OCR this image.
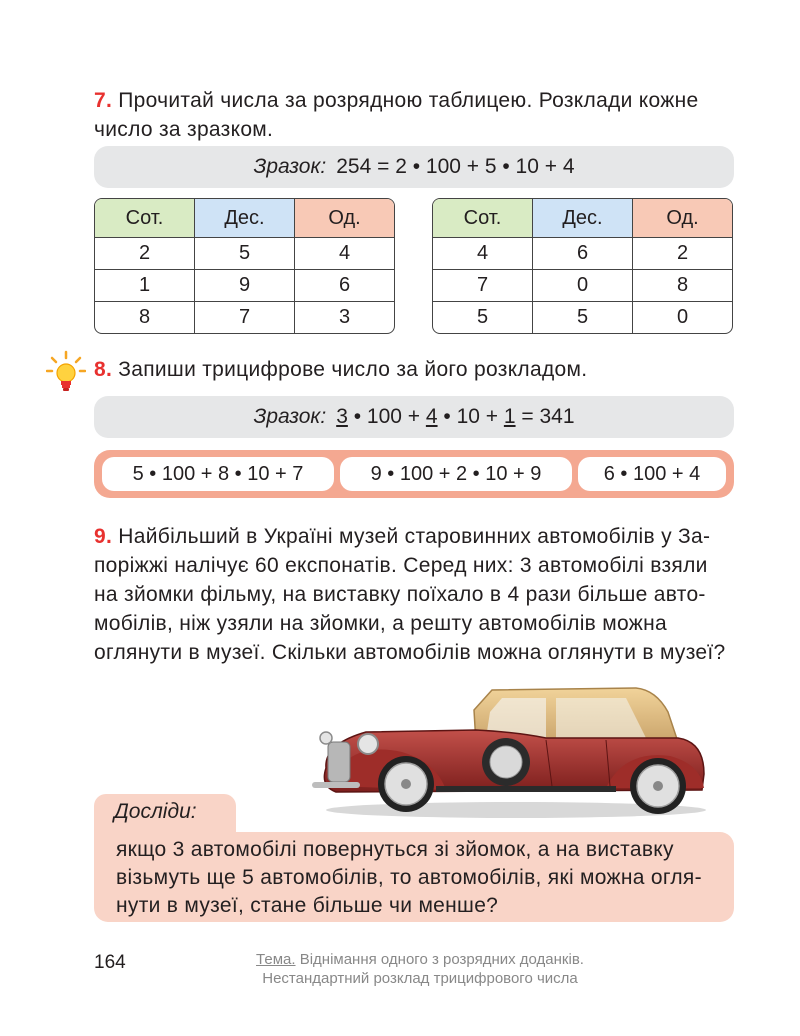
7. Прочитай числа за розрядною таблицею. Розклади кожне
число за зразком.
Зразок: 254 = 2 • 100 + 5 • 10 + 4
Сот.	Дес.	Од.
2	5	4
1	9	6
8	7	3
Сот.	Дес.	Од.
4	6	2
7	0	8
5	5	0
8. Запиши трицифрове число за його розкладом.
Зразок: 3 • 100 + 4 • 10 + 1 = 341
5 • 100 + 8 • 10 + 7	9 • 100 + 2 • 10 + 9	6 • 100 + 4
9. Найбільший в Україні музей старовинних автомобілів у За-
поріжжі налічує 60 експонатів. Серед них: 3 автомобілі взяли
на зйомки фільму, на виставку поїхало в 4 рази більше авто-
мобілів, ніж узяли на зйомки, а решту автомобілів можна
оглянути в музеї. Скільки автомобілів можна оглянути в музеї?
Досліди:
якщо 3 автомобілі повернуться зі зйомок, а на виставку
візьмуть ще 5 автомобілів, то автомобілів, які можна огля-
нути в музеї, стане більше чи менше?
164	Тема. Віднімання одного з розрядних доданків.
Нестандартний розклад трицифрового числа
